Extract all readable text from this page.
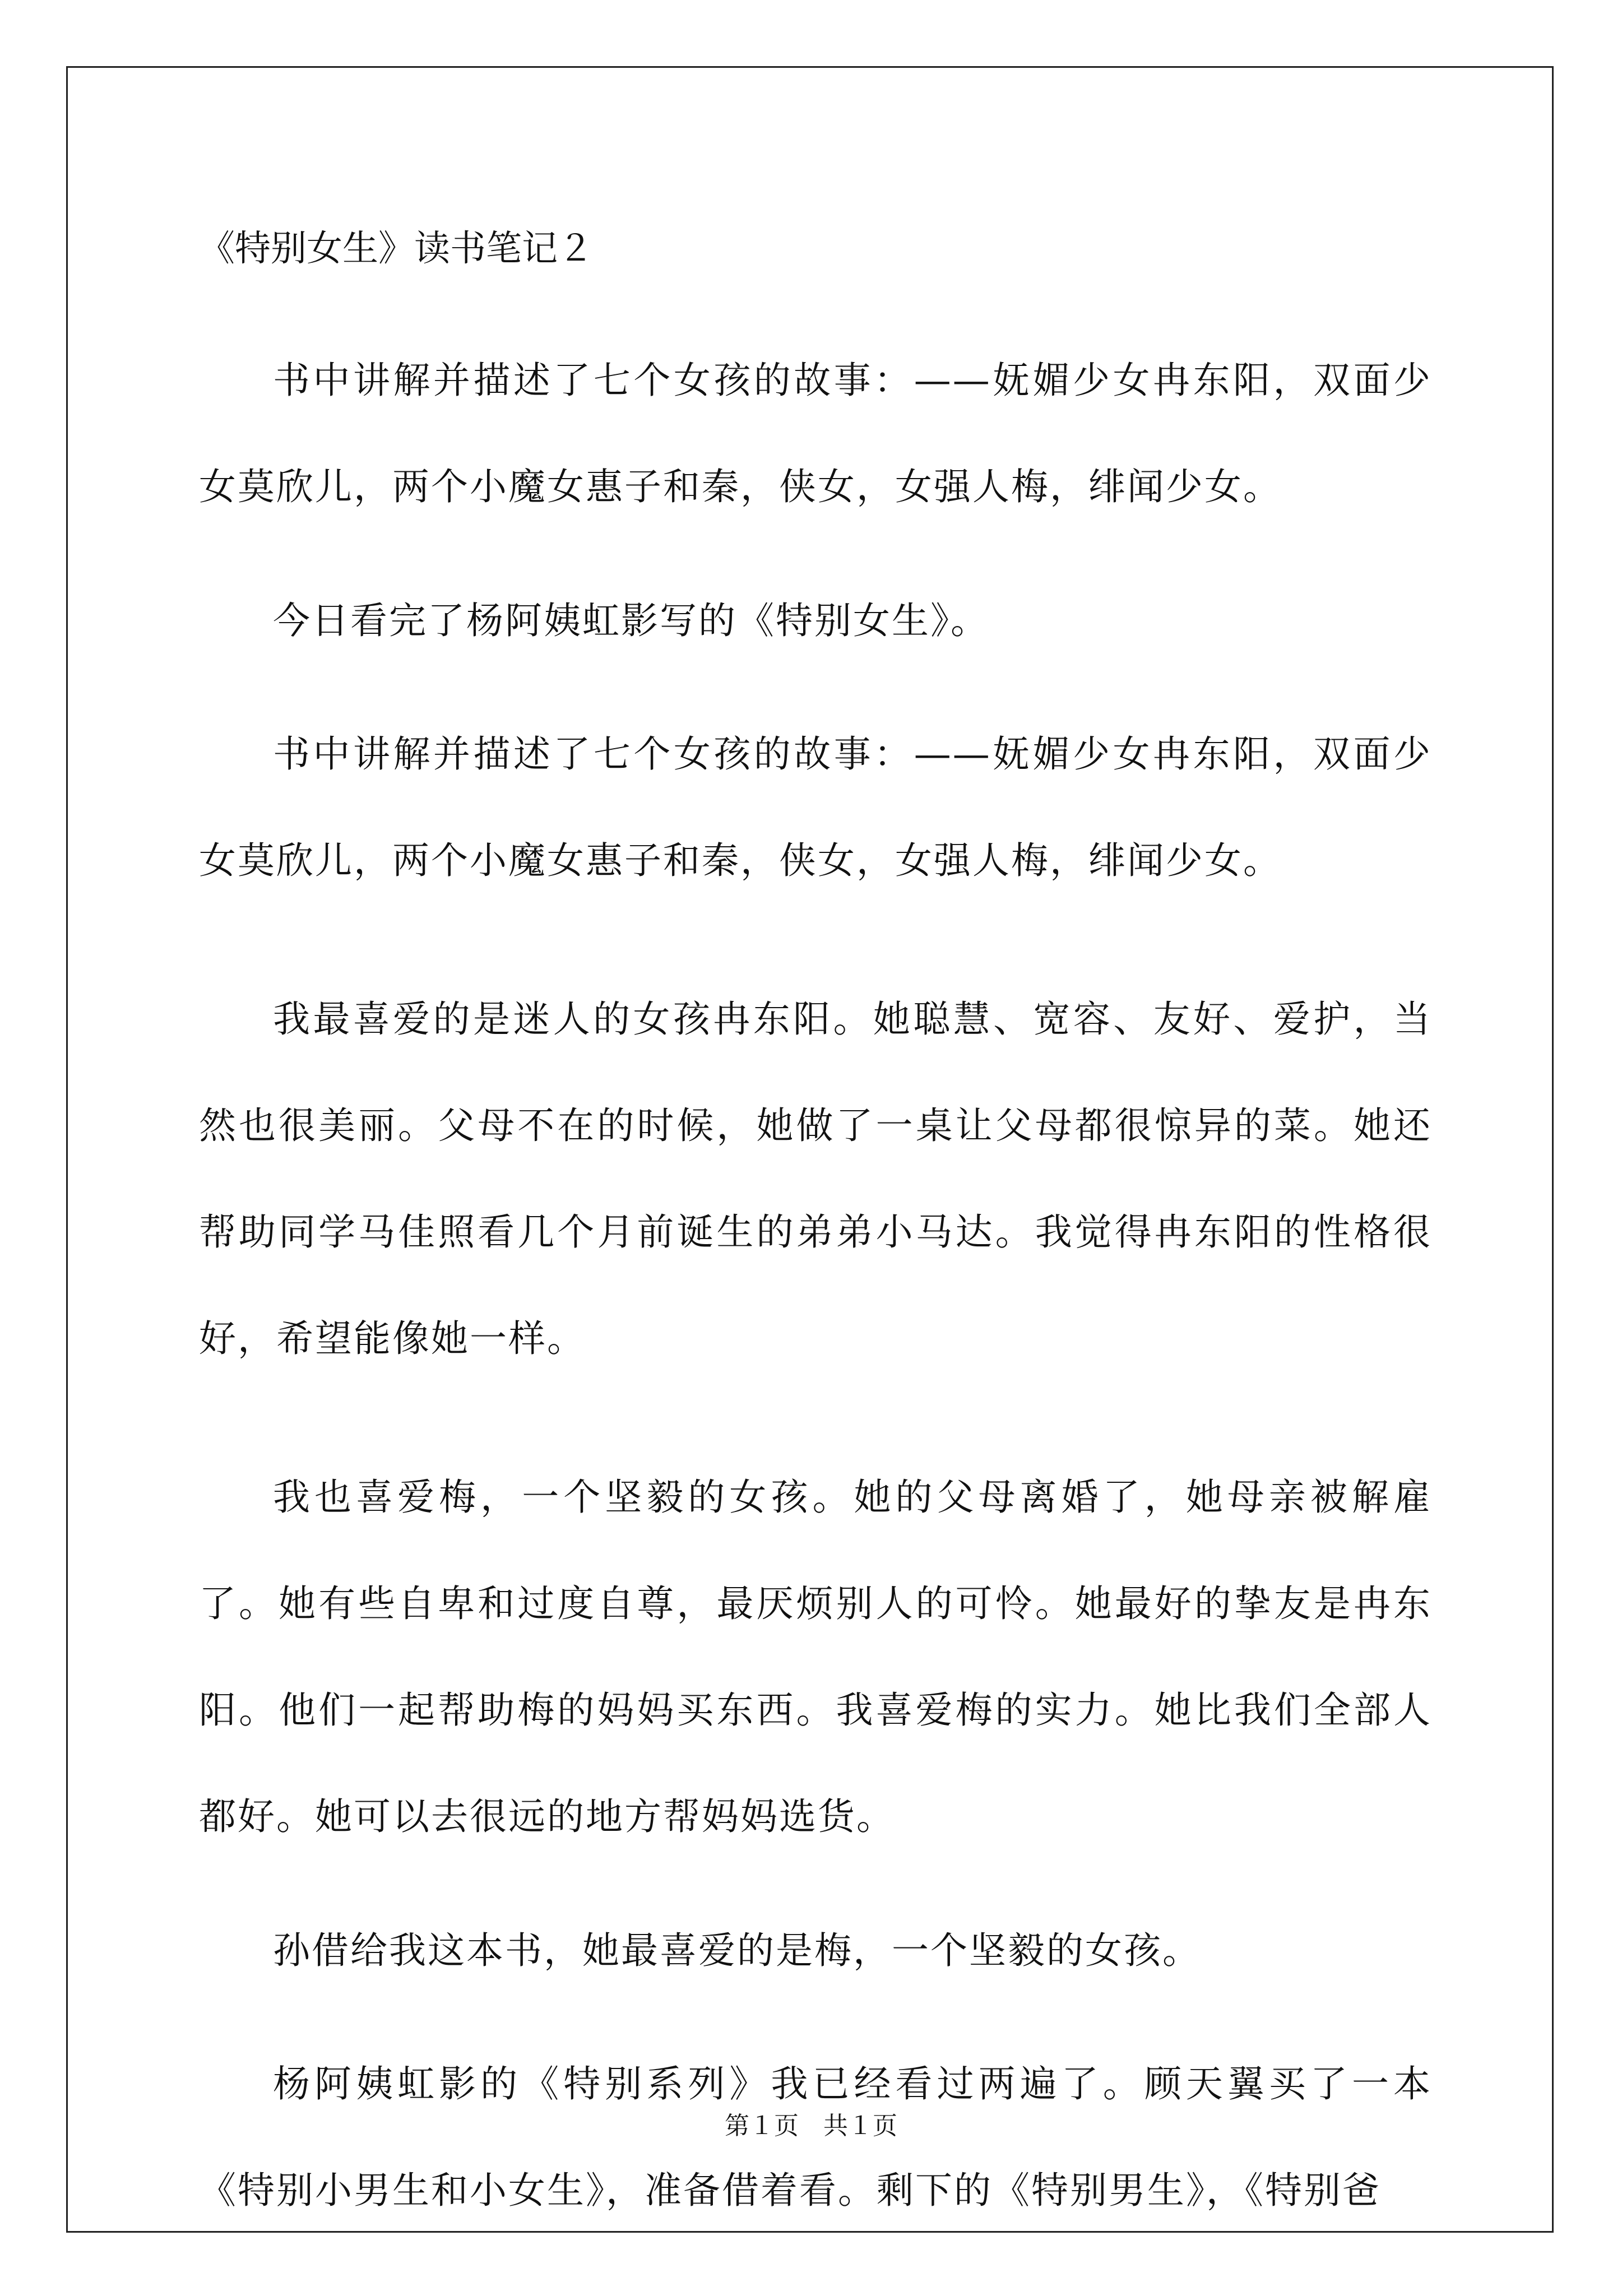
《特别女生》读书笔记２

书中讲解并描述了七个女孩的故事：——妩媚少女冉东阳，双面少女莫欣儿，两个小魔女惠子和秦，侠女，女强人梅，绯闻少女。

今日看完了杨阿姨虹影写的《特别女生》。

书中讲解并描述了七个女孩的故事：——妩媚少女冉东阳，双面少女莫欣儿，两个小魔女惠子和秦，侠女，女强人梅，绯闻少女。

我最喜爱的是迷人的女孩冉东阳。她聪慧、宽容、友好、爱护，当然也很美丽。父母不在的时候，她做了一桌让父母都很惊异的菜。她还帮助同学马佳照看几个月前诞生的弟弟小马达。我觉得冉东阳的性格很好，希望能像她一样。

我也喜爱梅，一个坚毅的女孩。她的父母离婚了，她母亲被解雇了。她有些自卑和过度自尊，最厌烦别人的可怜。她最好的挚友是冉东阳。他们一起帮助梅的妈妈买东西。我喜爱梅的实力。她比我们全部人都好。她可以去很远的地方帮妈妈选货。

孙借给我这本书，她最喜爱的是梅，一个坚毅的女孩。

杨阿姨虹影的《特别系列》我已经看过两遍了。顾天翼买了一本《特别小男生和小女生》，准备借着看。剩下的《特别男生》，《特别爸

第１页 共１页
